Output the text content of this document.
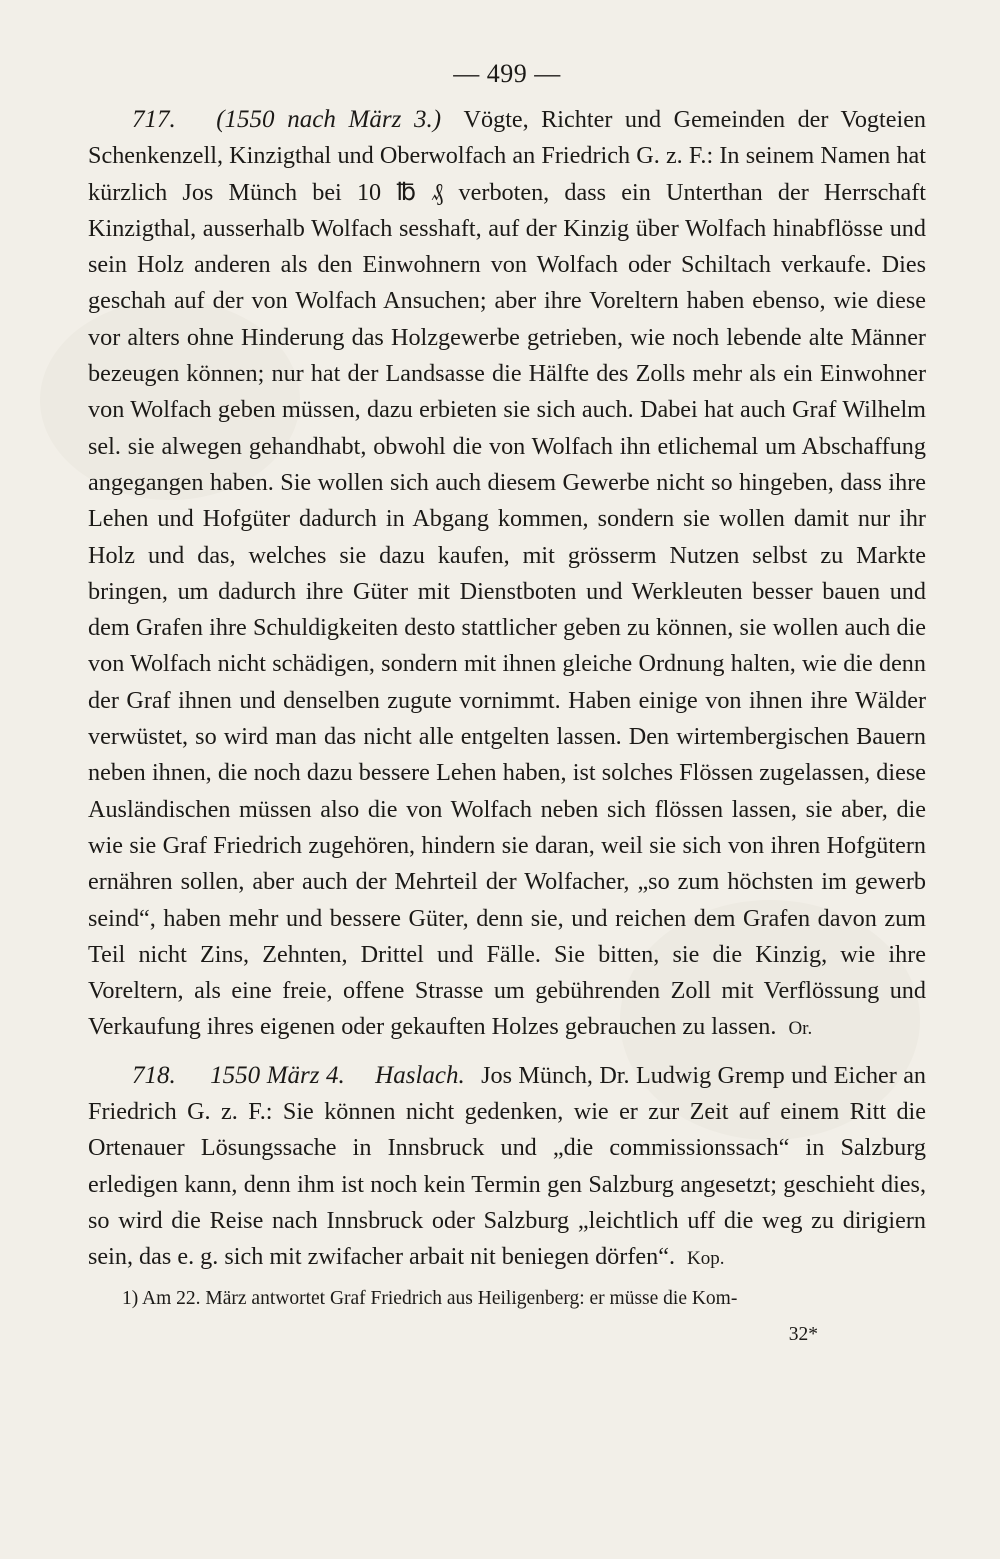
— 499 —
717. (1550 nach März 3.) Vögte, Richter und Gemeinden der Vogteien Schenkenzell, Kinzigthal und Oberwolfach an Friedrich G. z. F.: In seinem Namen hat kürzlich Jos Münch bei 10 ℔ ₰ verboten, dass ein Unterthan der Herrschaft Kinzigthal, ausserhalb Wolfach sesshaft, auf der Kinzig über Wolfach hinabflösse und sein Holz anderen als den Einwohnern von Wolfach oder Schiltach verkaufe. Dies geschah auf der von Wolfach Ansuchen; aber ihre Voreltern haben ebenso, wie diese vor alters ohne Hinderung das Holzgewerbe getrieben, wie noch lebende alte Männer bezeugen können; nur hat der Landsasse die Hälfte des Zolls mehr als ein Einwohner von Wolfach geben müssen, dazu erbieten sie sich auch. Dabei hat auch Graf Wilhelm sel. sie alwegen gehandhabt, obwohl die von Wolfach ihn etlichemal um Abschaffung angegangen haben. Sie wollen sich auch diesem Gewerbe nicht so hingeben, dass ihre Lehen und Hofgüter dadurch in Abgang kommen, sondern sie wollen damit nur ihr Holz und das, welches sie dazu kaufen, mit grösserm Nutzen selbst zu Markte bringen, um dadurch ihre Güter mit Dienstboten und Werkleuten besser bauen und dem Grafen ihre Schuldigkeiten desto stattlicher geben zu können, sie wollen auch die von Wolfach nicht schädigen, sondern mit ihnen gleiche Ordnung halten, wie die denn der Graf ihnen und denselben zugute vornimmt. Haben einige von ihnen ihre Wälder verwüstet, so wird man das nicht alle entgelten lassen. Den wirtembergischen Bauern neben ihnen, die noch dazu bessere Lehen haben, ist solches Flössen zugelassen, diese Ausländischen müssen also die von Wolfach neben sich flössen lassen, sie aber, die wie sie Graf Friedrich zugehören, hindern sie daran, weil sie sich von ihren Hofgütern ernähren sollen, aber auch der Mehrteil der Wolfacher, „so zum höchsten im gewerb seind“, haben mehr und bessere Güter, denn sie, und reichen dem Grafen davon zum Teil nicht Zins, Zehnten, Drittel und Fälle. Sie bitten, sie die Kinzig, wie ihre Voreltern, als eine freie, offene Strasse um gebührenden Zoll mit Verflössung und Verkaufung ihres eigenen oder gekauften Holzes gebrauchen zu lassen. Or.
718. 1550 März 4. Haslach. Jos Münch, Dr. Ludwig Gremp und Eicher an Friedrich G. z. F.: Sie können nicht gedenken, wie er zur Zeit auf einem Ritt die Ortenauer Lösungssache in Innsbruck und „die commissionssach“ in Salzburg erledigen kann, denn ihm ist noch kein Termin gen Salzburg angesetzt; geschieht dies, so wird die Reise nach Innsbruck oder Salzburg „leichtlich uff die weg zu dirigiern sein, das e. g. sich mit zwifacher arbait nit beniegen dörfen“. Kop.
1) Am 22. März antwortet Graf Friedrich aus Heiligenberg: er müsse die Kom-
32*
